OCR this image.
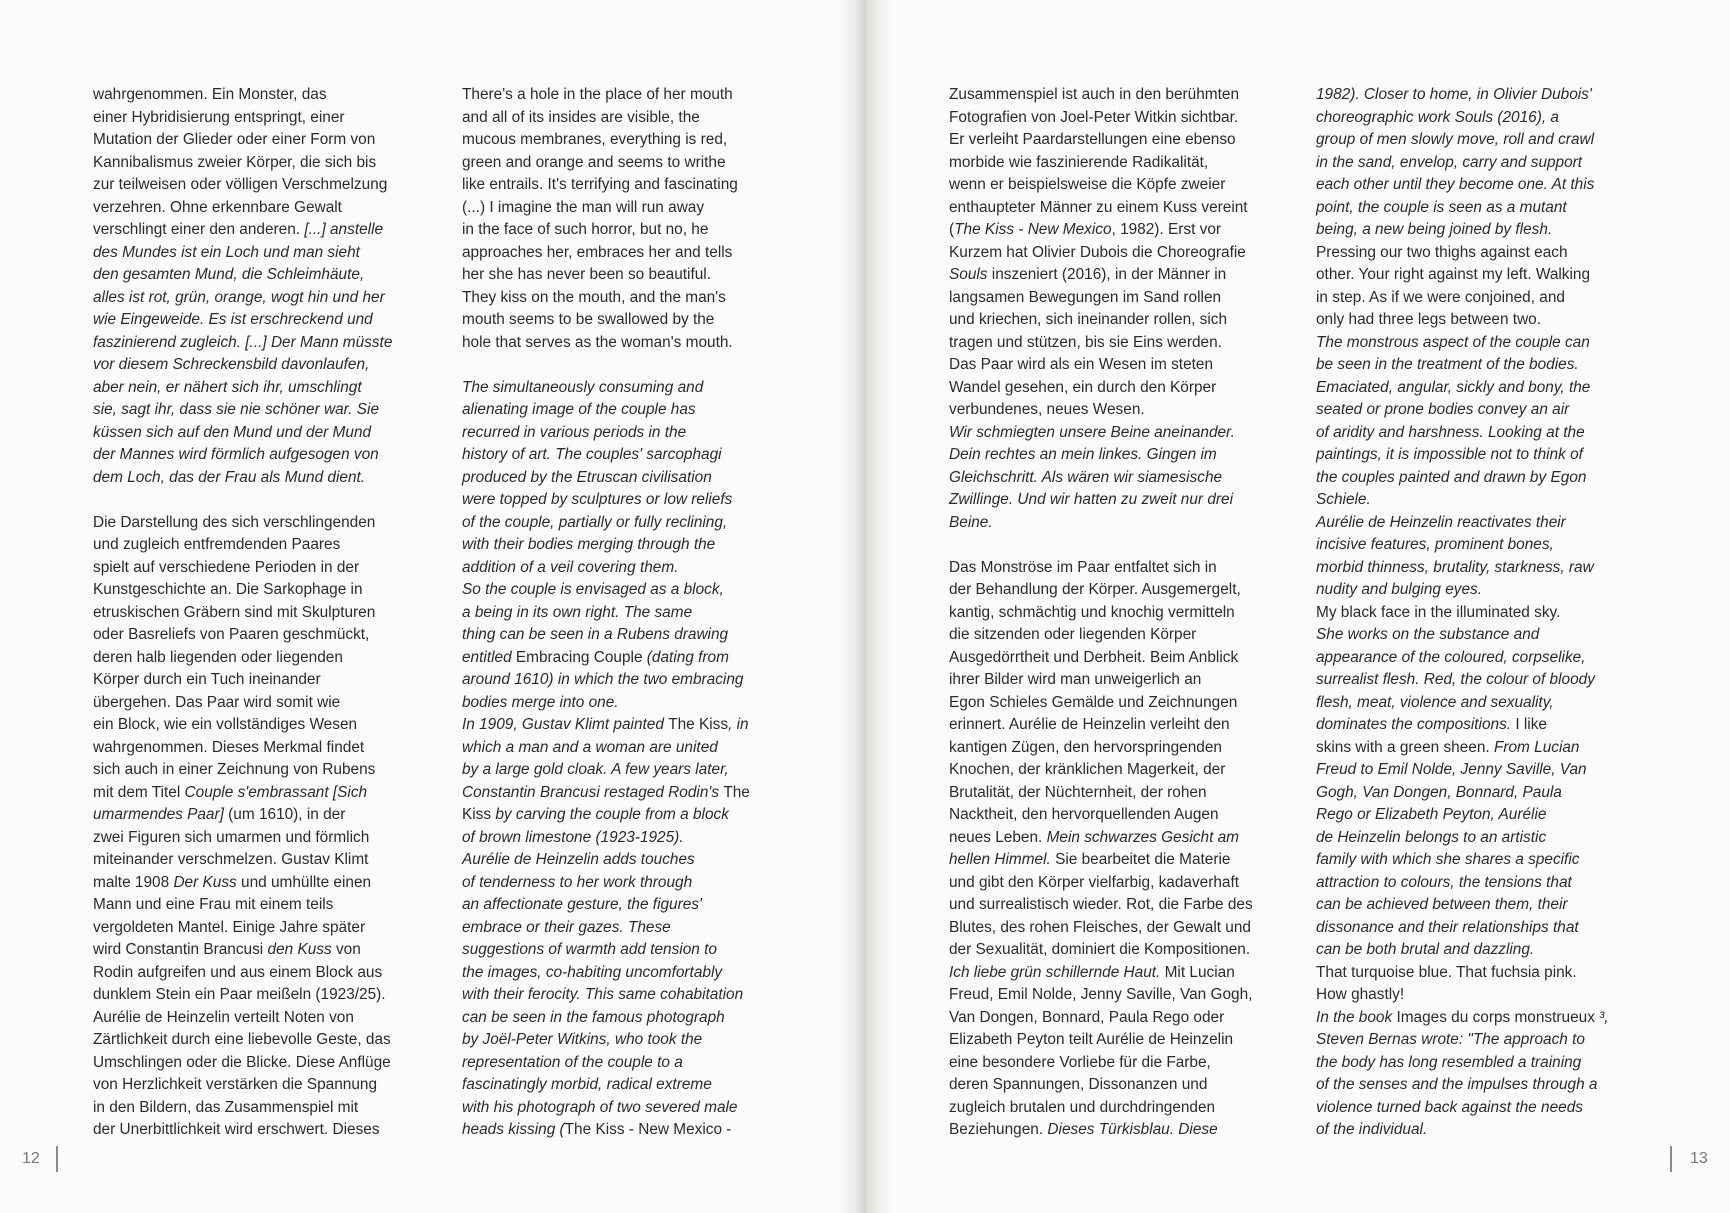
wahrgenommen. Ein Monster, das
einer Hybridisierung entspringt, einer
Mutation der Glieder oder einer Form von
Kannibalismus zweier Körper, die sich bis
zur teilweisen oder völligen Verschmelzung
verzehren. Ohne erkennbare Gewalt
verschlingt einer den anderen. [...] anstelle
des Mundes ist ein Loch und man sieht
den gesamten Mund, die Schleimhäute,
alles ist rot, grün, orange, wogt hin und her
wie Eingeweide. Es ist erschreckend und
faszinierend zugleich. [...] Der Mann müsste
vor diesem Schreckensbild davonlaufen,
aber nein, er nähert sich ihr, umschlingt
sie, sagt ihr, dass sie nie schöner war. Sie
küssen sich auf den Mund und der Mund
der Mannes wird förmlich aufgesogen von
dem Loch, das der Frau als Mund dient.
Die Darstellung des sich verschlingenden
und zugleich entfremdenden Paares
spielt auf verschiedene Perioden in der
Kunstgeschichte an. Die Sarkophage in
etruskischen Gräbern sind mit Skulpturen
oder Basreliefs von Paaren geschmückt,
deren halb liegenden oder liegenden
Körper durch ein Tuch ineinander
übergehen. Das Paar wird somit wie
ein Block, wie ein vollständiges Wesen
wahrgenommen. Dieses Merkmal findet
sich auch in einer Zeichnung von Rubens
mit dem Titel Couple s'embrassant [Sich
umarmendes Paar] (um 1610), in der
zwei Figuren sich umarmen und förmlich
miteinander verschmelzen. Gustav Klimt
malte 1908 Der Kuss und umhüllte einen
Mann und eine Frau mit einem teils
vergoldeten Mantel. Einige Jahre später
wird Constantin Brancusi den Kuss von
Rodin aufgreifen und aus einem Block aus
dunklem Stein ein Paar meißeln (1923/25).
Aurélie de Heinzelin verteilt Noten von
Zärtlichkeit durch eine liebevolle Geste, das
Umschlingen oder die Blicke. Diese Anflüge
von Herzlichkeit verstärken die Spannung
in den Bildern, das Zusammenspiel mit
der Unerbittlichkeit wird erschwert. Dieses
There's a hole in the place of her mouth
and all of its insides are visible, the
mucous membranes, everything is red,
green and orange and seems to writhe
like entrails. It's terrifying and fascinating
(...) I imagine the man will run away
in the face of such horror, but no, he
approaches her, embraces her and tells
her she has never been so beautiful.
They kiss on the mouth, and the man's
mouth seems to be swallowed by the
hole that serves as the woman's mouth.
The simultaneously consuming and
alienating image of the couple has
recurred in various periods in the
history of art. The couples' sarcophagi
produced by the Etruscan civilisation
were topped by sculptures or low reliefs
of the couple, partially or fully reclining,
with their bodies merging through the
addition of a veil covering them.
So the couple is envisaged as a block,
a being in its own right. The same
thing can be seen in a Rubens drawing
entitled Embracing Couple (dating from
around 1610) in which the two embracing
bodies merge into one.
In 1909, Gustav Klimt painted The Kiss, in
which a man and a woman are united
by a large gold cloak. A few years later,
Constantin Brancusi restaged Rodin's The
Kiss by carving the couple from a block
of brown limestone (1923-1925).
Aurélie de Heinzelin adds touches
of tenderness to her work through
an affectionate gesture, the figures'
embrace or their gazes. These
suggestions of warmth add tension to
the images, co-habiting uncomfortably
with their ferocity. This same cohabitation
can be seen in the famous photograph
by Joël-Peter Witkins, who took the
representation of the couple to a
fascinatingly morbid, radical extreme
with his photograph of two severed male
heads kissing (The Kiss - New Mexico -
Zusammenspiel ist auch in den berühmten
Fotografien von Joel-Peter Witkin sichtbar.
Er verleiht Paardarstellungen eine ebenso
morbide wie faszinierende Radikalität,
wenn er beispielsweise die Köpfe zweier
enthaupteter Männer zu einem Kuss vereint
(The Kiss - New Mexico, 1982). Erst vor
Kurzem hat Olivier Dubois die Choreografie
Souls inszeniert (2016), in der Männer in
langsamen Bewegungen im Sand rollen
und kriechen, sich ineinander rollen, sich
tragen und stützen, bis sie Eins werden.
Das Paar wird als ein Wesen im steten
Wandel gesehen, ein durch den Körper
verbundenes, neues Wesen.
Wir schmiegten unsere Beine aneinander.
Dein rechtes an mein linkes. Gingen im
Gleichschritt. Als wären wir siamesische
Zwillinge. Und wir hatten zu zweit nur drei
Beine.
Das Monströse im Paar entfaltet sich in
der Behandlung der Körper. Ausgemergelt,
kantig, schmächtig und knochig vermitteln
die sitzenden oder liegenden Körper
Ausgedörrtheit und Derbheit. Beim Anblick
ihrer Bilder wird man unweigerlich an
Egon Schieles Gemälde und Zeichnungen
erinnert. Aurélie de Heinzelin verleiht den
kantigen Zügen, den hervorspringenden
Knochen, der kränklichen Magerkeit, der
Brutalität, der Nüchternheit, der rohen
Nacktheit, den hervorquellenden Augen
neues Leben. Mein schwarzes Gesicht am
hellen Himmel. Sie bearbeitet die Materie
und gibt den Körper vielfarbig, kadaverhaft
und surrealistisch wieder. Rot, die Farbe des
Blutes, des rohen Fleisches, der Gewalt und
der Sexualität, dominiert die Kompositionen.
Ich liebe grün schillernde Haut. Mit Lucian
Freud, Emil Nolde, Jenny Saville, Van Gogh,
Van Dongen, Bonnard, Paula Rego oder
Elizabeth Peyton teilt Aurélie de Heinzelin
eine besondere Vorliebe für die Farbe,
deren Spannungen, Dissonanzen und
zugleich brutalen und durchdringenden
Beziehungen. Dieses Türkisblau. Diese
1982). Closer to home, in Olivier Dubois'
choreographic work Souls (2016), a
group of men slowly move, roll and crawl
in the sand, envelop, carry and support
each other until they become one. At this
point, the couple is seen as a mutant
being, a new being joined by flesh.
Pressing our two thighs against each
other. Your right against my left. Walking
in step. As if we were conjoined, and
only had three legs between two.
The monstrous aspect of the couple can
be seen in the treatment of the bodies.
Emaciated, angular, sickly and bony, the
seated or prone bodies convey an air
of aridity and harshness. Looking at the
paintings, it is impossible not to think of
the couples painted and drawn by Egon
Schiele.
Aurélie de Heinzelin reactivates their
incisive features, prominent bones,
morbid thinness, brutality, starkness, raw
nudity and bulging eyes.
My black face in the illuminated sky.
She works on the substance and
appearance of the coloured, corpselike,
surrealist flesh. Red, the colour of bloody
flesh, meat, violence and sexuality,
dominates the compositions. I like
skins with a green sheen. From Lucian
Freud to Emil Nolde, Jenny Saville, Van
Gogh, Van Dongen, Bonnard, Paula
Rego or Elizabeth Peyton, Aurélie
de Heinzelin belongs to an artistic
family with which she shares a specific
attraction to colours, the tensions that
can be achieved between them, their
dissonance and their relationships that
can be both brutal and dazzling.
That turquoise blue. That fuchsia pink.
How ghastly!
In the book Images du corps monstrueux ³,
Steven Bernas wrote: "The approach to
the body has long resembled a training
of the senses and the impulses through a
violence turned back against the needs
of the individual.
12	13
